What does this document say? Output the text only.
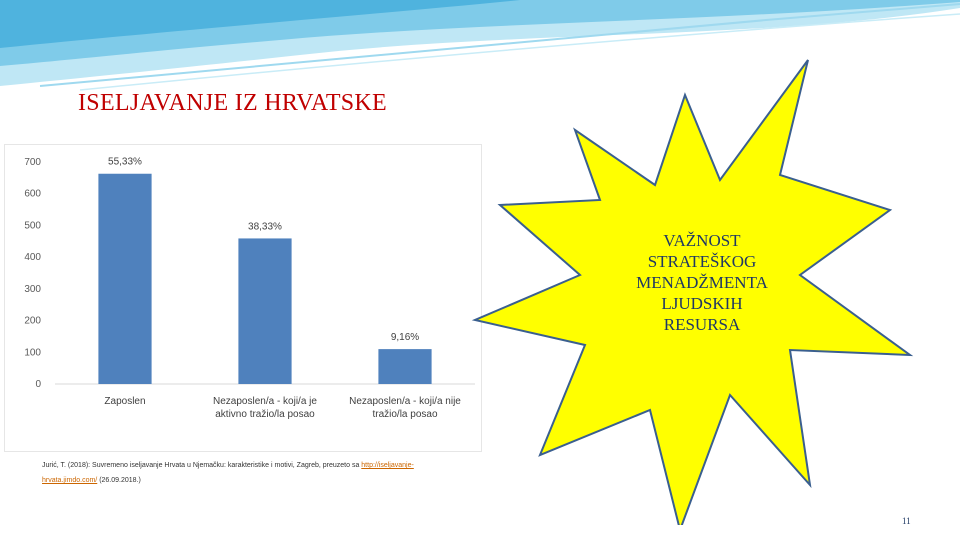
ISELJAVANJE IZ HRVATSKE
0
100
200
300
400
500
600
700	55,33%
Zaposlen
38,33%
Nezaposlen/a - koji/a je aktivno tražio/la posao
9,16%
Nezaposlen/a - koji/a nije tražio/la posao
Jurić, T. (2018): Suvremeno iseljavanje Hrvata u Njemačku: karakteristike i motivi, Zagreb, preuzeto sa http://iseljavanje-hrvata.jimdo.com/ (26.09.2018.)
VAŽNOST
STRATEŠKOG
MENADŽMENTA
LJUDSKIH
RESURSA
11
